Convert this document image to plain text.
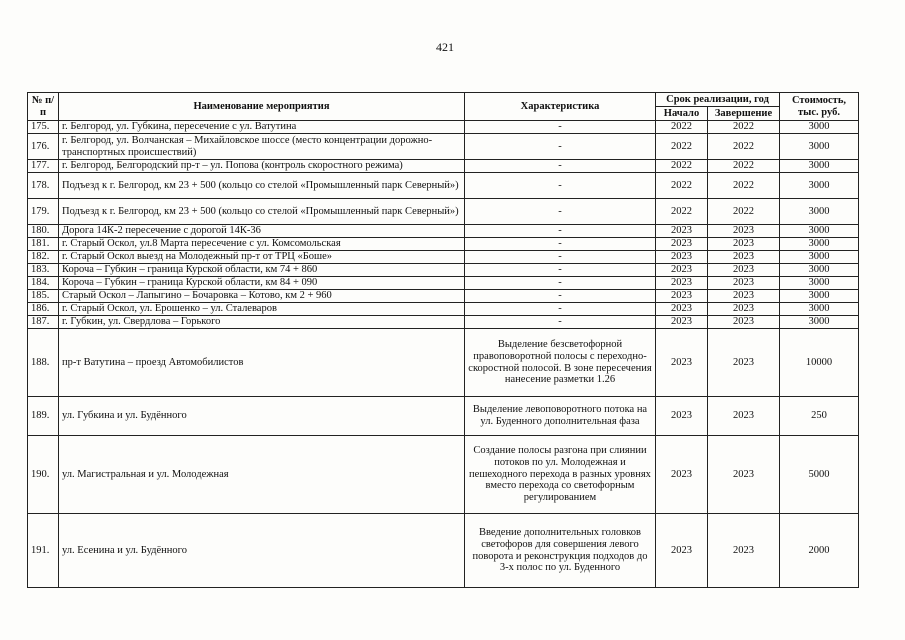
421
№ п/п	Наименование мероприятия	Характеристика	Срок реализации, год		Стоимость, тыс. руб.
			Начало	Завершение	
175.	г. Белгород, ул. Губкина, пересечение с ул. Ватутина	-	2022	2022	3000
176.	г. Белгород, ул. Волчанская – Михайловское шоссе (место концентрации дорожно-транспортных происшествий)	-	2022	2022	3000
177.	г. Белгород, Белгородский пр-т – ул. Попова (контроль скоростного режима)	-	2022	2022	3000
178.	Подъезд к г. Белгород, км 23 + 500 (кольцо со стелой «Промышленный парк Северный»)	-	2022	2022	3000
179.	Подъезд к г. Белгород, км 23 + 500 (кольцо со стелой «Промышленный парк Северный»)	-	2022	2022	3000
180.	Дорога 14К-2 пересечение с дорогой 14К-36	-	2023	2023	3000
181.	г. Старый Оскол, ул.8 Марта пересечение с ул. Комсомольская	-	2023	2023	3000
182.	г. Старый Оскол выезд на Молодежный пр-т от ТРЦ «Боше»	-	2023	2023	3000
183.	Короча – Губкин – граница Курской области, км 74 + 860	-	2023	2023	3000
184.	Короча – Губкин – граница Курской области, км 84 + 090	-	2023	2023	3000
185.	Старый Оскол – Лапыгино – Бочаровка – Котово, км 2 + 960	-	2023	2023	3000
186.	г. Старый Оскол, ул. Ерошенко – ул. Сталеваров	-	2023	2023	3000
187.	г. Губкин, ул. Свердлова – Горького	-	2023	2023	3000
188.	пр-т Ватутина – проезд Автомобилистов	Выделение безсветофорной правоповоротной полосы с переходно-скоростной полосой. В зоне пересечения нанесение разметки 1.26	2023	2023	10000
189.	ул. Губкина и ул. Будённого	Выделение левоповоротного потока на ул. Буденного дополнительная фаза	2023	2023	250
190.	ул. Магистральная и ул. Молодежная	Создание полосы разгона при слиянии потоков по ул. Молодежная и пешеходного перехода в разных уровнях вместо перехода со светофорным регулированием	2023	2023	5000
191.	ул. Есенина и ул. Будённого	Введение дополнительных головков светофоров для совершения левого поворота и реконструкция подходов до 3-х полос по ул. Буденного	2023	2023	2000
